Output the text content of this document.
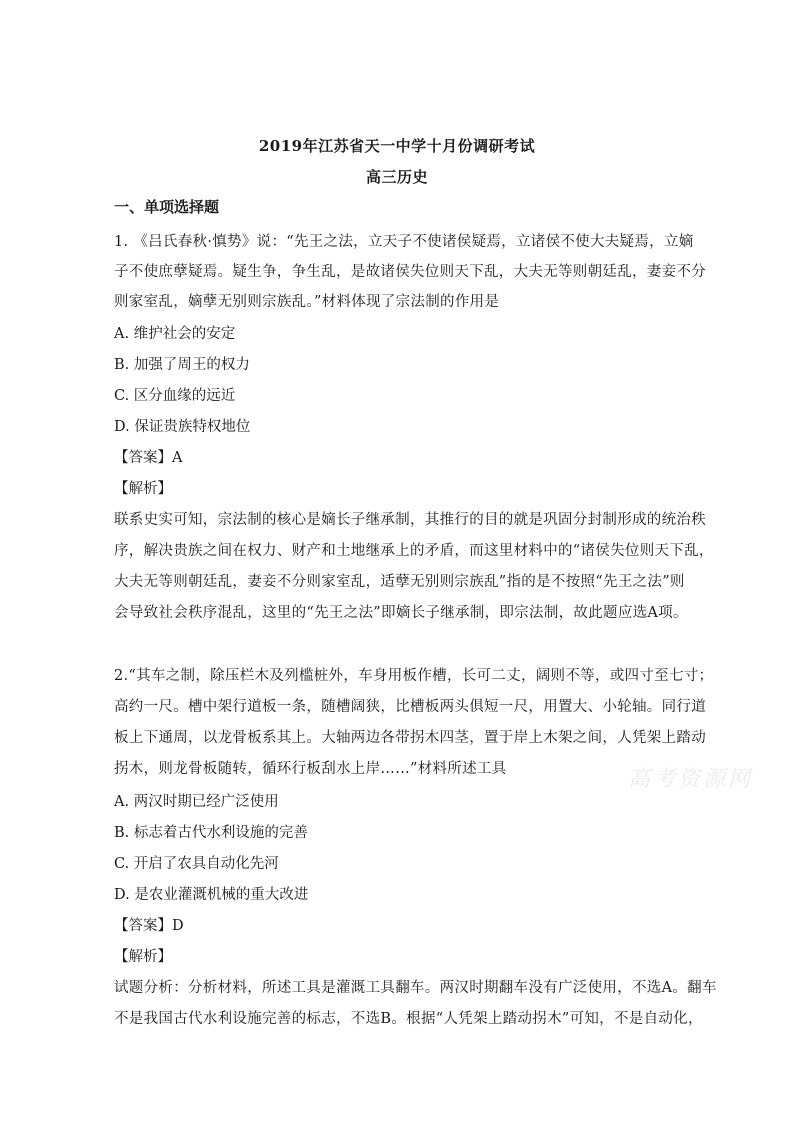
2019年江苏省天一中学十月份调研考试
高三历史
一、单项选择题
1. 《吕氏春秋·慎势》说：“先王之法，立天子不使诸侯疑焉，立诸侯不使大夫疑焉，立嫡
子不使庶孽疑焉。疑生争，争生乱，是故诸侯失位则天下乱，大夫无等则朝廷乱，妻妾不分
则家室乱，嫡孽无别则宗族乱。”材料体现了宗法制的作用是
A. 维护社会的安定
B. 加强了周王的权力
C. 区分血缘的远近
D. 保证贵族特权地位
【答案】A
【解析】
联系史实可知，宗法制的核心是嫡长子继承制，其推行的目的就是巩固分封制形成的统治秩
序，解决贵族之间在权力、财产和土地继承上的矛盾，而这里材料中的“诸侯失位则天下乱，
大夫无等则朝廷乱，妻妾不分则家室乱，适孽无别则宗族乱”指的是不按照“先王之法”则
会导致社会秩序混乱，这里的“先王之法”即嫡长子继承制，即宗法制，故此题应选A项。
2.“其车之制，除压栏木及列槛桩外，车身用板作槽，长可二丈，阔则不等，或四寸至七寸；
高约一尺。槽中架行道板一条，随槽阔狭，比槽板两头俱短一尺，用置大、小轮轴。同行道
板上下通周，以龙骨板系其上。大轴两边各带拐木四茎，置于岸上木架之间，人凭架上踏动
拐木，则龙骨板随转，循环行板刮水上岸……”材料所述工具	高考资源网
A. 两汉时期已经广泛使用
B. 标志着古代水利设施的完善
C. 开启了农具自动化先河
D. 是农业灌溉机械的重大改进
【答案】D
【解析】
试题分析：分析材料，所述工具是灌溉工具翻车。两汉时期翻车没有广泛使用，不选A。翻车
不是我国古代水利设施完善的标志，不选B。根据“人凭架上踏动拐木”可知，不是自动化，
